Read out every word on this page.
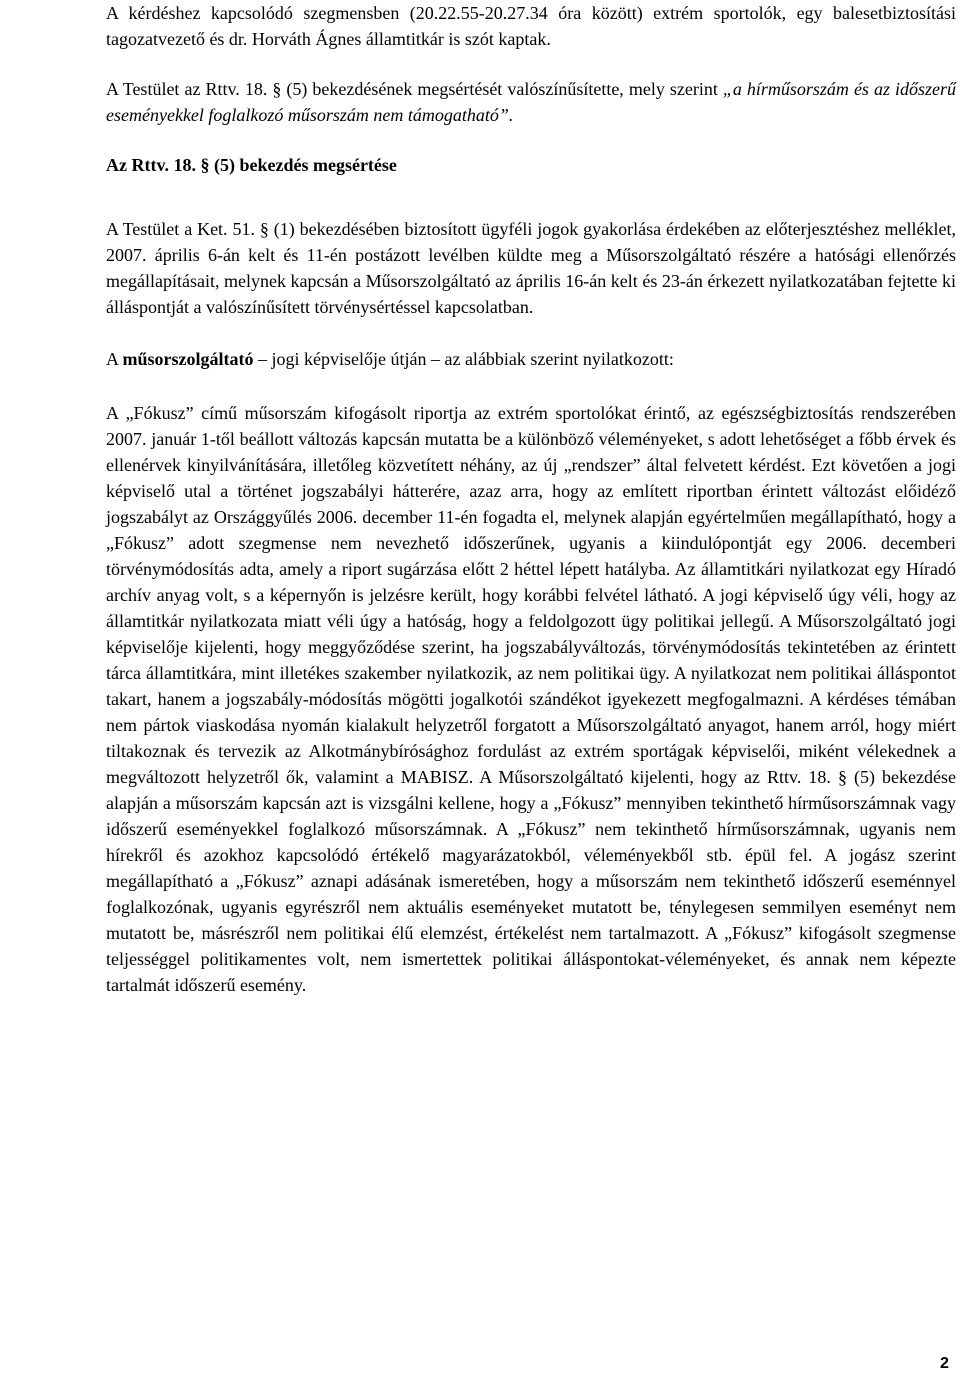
A kérdéshez kapcsolódó szegmensben (20.22.55-20.27.34 óra között) extrém sportolók, egy balesetbiztosítási tagozatvezető és dr. Horváth Ágnes államtitkár is szót kaptak.

A Testület az Rttv. 18. § (5) bekezdésének megsértését valószínűsítette, mely szerint „a hírműsorszám és az időszerű eseményekkel foglalkozó műsorszám nem támogatható”.

Az Rttv. 18. § (5) bekezdés megsértése

A Testület a Ket. 51. § (1) bekezdésében biztosított ügyféli jogok gyakorlása érdekében az előterjesztéshez melléklet, 2007. április 6-án kelt és 11-én postázott levélben küldte meg a Műsorszolgáltató részére a hatósági ellenőrzés megállapításait, melynek kapcsán a Műsorszolgáltató az április 16-án kelt és 23-án érkezett nyilatkozatában fejtette ki álláspontját a valószínűsített törvénysértéssel kapcsolatban.

A műsorszolgáltató – jogi képviselője útján – az alábbiak szerint nyilatkozott:

A „Fókusz” című műsorszám kifogásolt riportja az extrém sportolókat érintő, az egészségbiztosítás rendszerében 2007. január 1-től beállott változás kapcsán mutatta be a különböző véleményeket, s adott lehetőséget a főbb érvek és ellenérvek kinyilvánítására, illetőleg közvetített néhány, az új „rendszer” által felvetett kérdést. Ezt követően a jogi képviselő utal a történet jogszabályi hátterére, azaz arra, hogy az említett riportban érintett változást előidéző jogszabályt az Országgyűlés 2006. december 11-én fogadta el, melynek alapján egyértelműen megállapítható, hogy a „Fókusz” adott szegmense nem nevezhető időszerűnek, ugyanis a kiindulópontját egy 2006. decemberi törvénymódosítás adta, amely a riport sugárzása előtt 2 héttel lépett hatályba. Az államtitkári nyilatkozat egy Híradó archív anyag volt, s a képernyőn is jelzésre került, hogy korábbi felvétel látható. A jogi képviselő úgy véli, hogy az államtitkár nyilatkozata miatt véli úgy a hatóság, hogy a feldolgozott ügy politikai jellegű. A Műsorszolgáltató jogi képviselője kijelenti, hogy meggyőződése szerint, ha jogszabályváltozás, törvénymódosítás tekintetében az érintett tárca államtitkára, mint illetékes szakember nyilatkozik, az nem politikai ügy. A nyilatkozat nem politikai álláspontot takart, hanem a jogszabály-módosítás mögötti jogalkotói szándékot igyekezett megfogalmazni. A kérdéses témában nem pártok viaskodása nyomán kialakult helyzetről forgatott a Műsorszolgáltató anyagot, hanem arról, hogy miért tiltakoznak és tervezik az Alkotmánybírósághoz fordulást az extrém sportágak képviselői, miként vélekednek a megváltozott helyzetről ők, valamint a MABISZ. A Műsorszolgáltató kijelenti, hogy az Rttv. 18. § (5) bekezdése alapján a műsorszám kapcsán azt is vizsgálni kellene, hogy a „Fókusz” mennyiben tekinthető hírműsorszámnak vagy időszerű eseményekkel foglalkozó műsorszámnak. A „Fókusz” nem tekinthető hírműsorszámnak, ugyanis nem hírekről és azokhoz kapcsolódó értékelő magyarázatokból, véleményekből stb. épül fel. A jogász szerint megállapítható a „Fókusz” aznapi adásának ismeretében, hogy a műsorszám nem tekinthető időszerű eseménnyel foglalkozónak, ugyanis egyrészről nem aktuális eseményeket mutatott be, ténylegesen semmilyen eseményt nem mutatott be, másrészről nem politikai élű elemzést, értékelést nem tartalmazott. A „Fókusz” kifogásolt szegmense teljességgel politikamentes volt, nem ismertettek politikai álláspontokat-véleményeket, és annak nem képezte tartalmát időszerű esemény.

2
